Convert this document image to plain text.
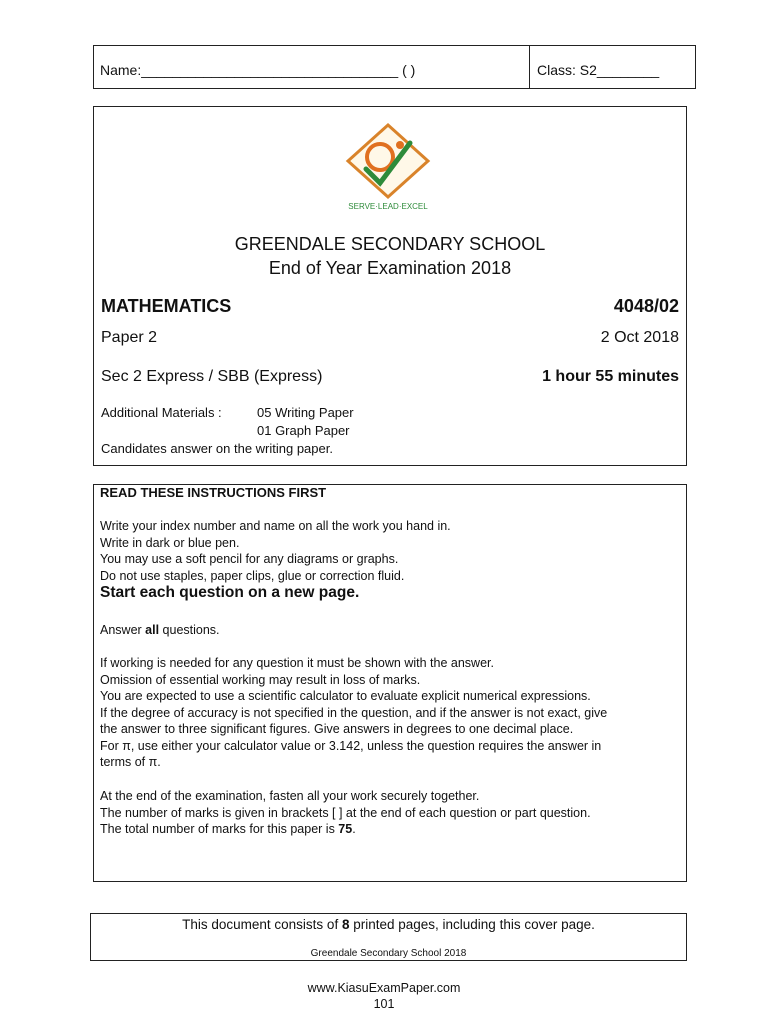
Name:_________________________________ ( )	Class: S2________
SERVE·LEAD·EXCEL
GREENDALE SECONDARY SCHOOL
End of Year Examination 2018
MATHEMATICS	4048/02
Paper 2	2 Oct 2018
Sec 2 Express / SBB (Express)	1 hour 55 minutes
Additional Materials :	05 Writing Paper
01 Graph Paper
Candidates answer on the writing paper.
READ THESE INSTRUCTIONS FIRST

Write your index number and name on all the work you hand in.

Write in dark or blue pen.

You may use a soft pencil for any diagrams or graphs.

Do not use staples, paper clips, glue or correction fluid.

Start each question on a new page.
Answer all questions.

If working is needed for any question it must be shown with the answer.

Omission of essential working may result in loss of marks.

You are expected to use a scientific calculator to evaluate explicit numerical expressions.

If the degree of accuracy is not specified in the question, and if the answer is not exact, give

the answer to three significant figures. Give answers in degrees to one decimal place.

For π, use either your calculator value or 3.142, unless the question requires the answer in

terms of π.

At the end of the examination, fasten all your work securely together.

The number of marks is given in brackets [ ] at the end of each question or part question.

The total number of marks for this paper is 75.

This document consists of 8 printed pages, including this cover page.
Greendale Secondary School 2018
www.KiasuExamPaper.com
101
